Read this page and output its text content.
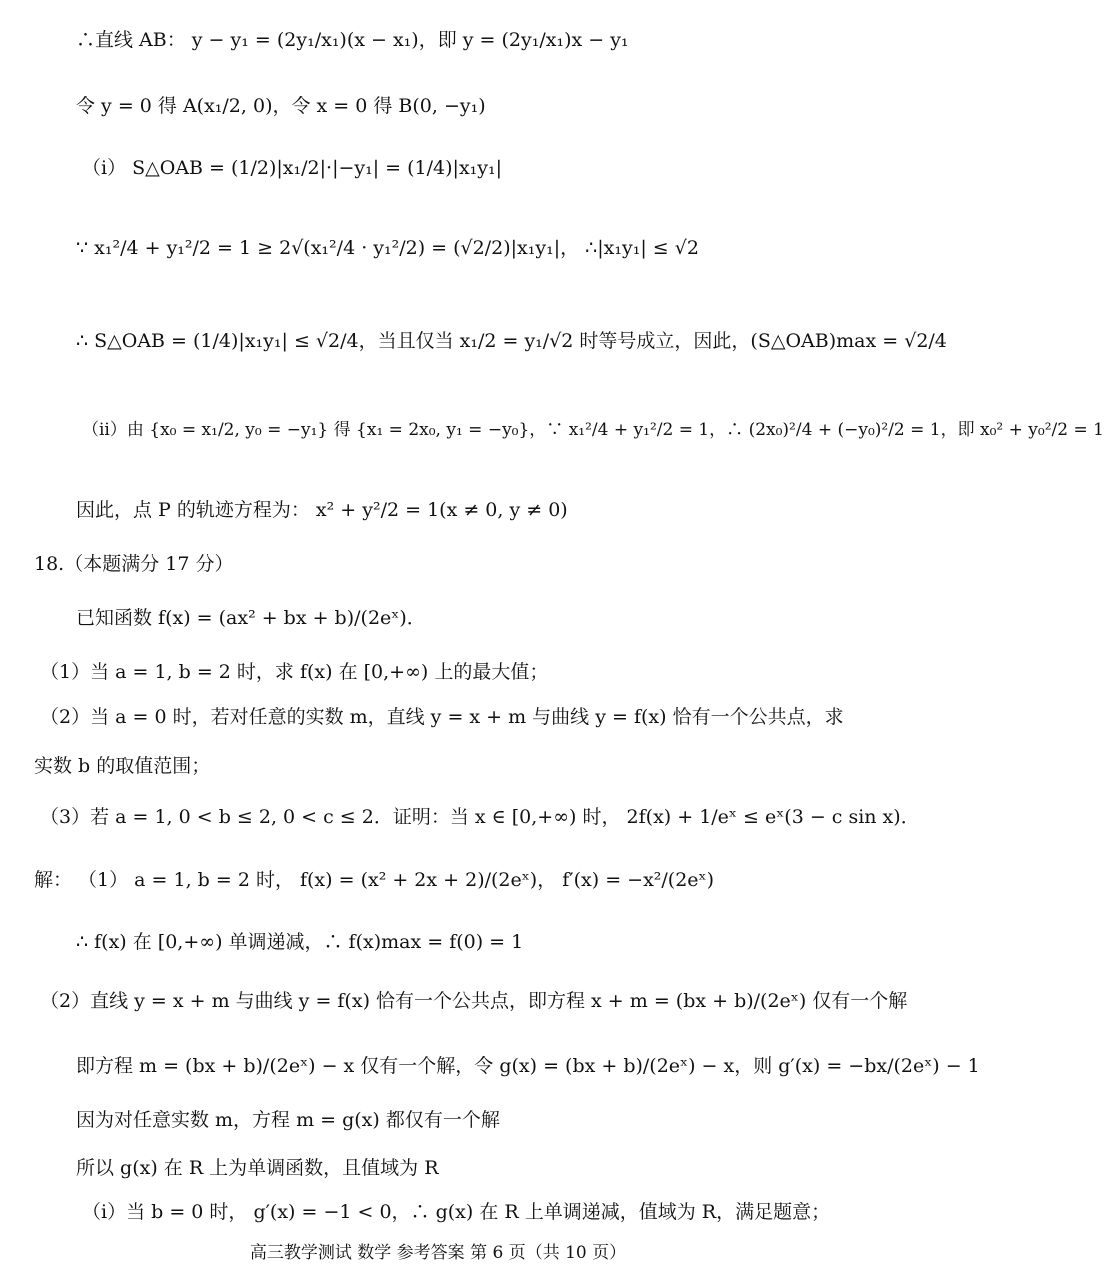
∴直线 AB： y − y₁ = (2y₁/x₁)(x − x₁)，即 y = (2y₁/x₁)x − y₁
令 y = 0 得 A(x₁/2, 0)，令 x = 0 得 B(0, −y₁)
（i） S△OAB = (1/2)|x₁/2|·|−y₁| = (1/4)|x₁y₁|
∵ x₁²/4 + y₁²/2 = 1 ≥ 2√(x₁²/4 · y₁²/2) = (√2/2)|x₁y₁|， ∴|x₁y₁| ≤ √2
∴ S△OAB = (1/4)|x₁y₁| ≤ √2/4，当且仅当 x₁/2 = y₁/√2 时等号成立，因此，(S△OAB)max = √2/4
（ii）由 {x₀ = x₁/2, y₀ = −y₁} 得 {x₁ = 2x₀, y₁ = −y₀}，∵ x₁²/4 + y₁²/2 = 1，∴ (2x₀)²/4 + (−y₀)²/2 = 1，即 x₀² + y₀²/2 = 1
因此，点 P 的轨迹方程为： x² + y²/2 = 1(x ≠ 0, y ≠ 0)
18.（本题满分 17 分）
已知函数 f(x) = (ax² + bx + b)/(2eˣ)．
（1）当 a = 1, b = 2 时，求 f(x) 在 [0,+∞) 上的最大值；
（2）当 a = 0 时，若对任意的实数 m，直线 y = x + m 与曲线 y = f(x) 恰有一个公共点，求
实数 b 的取值范围；
（3）若 a = 1, 0 < b ≤ 2, 0 < c ≤ 2．证明：当 x ∈ [0,+∞) 时， 2f(x) + 1/eˣ ≤ eˣ(3 − c sin x)．
解： （1） a = 1, b = 2 时， f(x) = (x² + 2x + 2)/(2eˣ)， f′(x) = −x²/(2eˣ)
∴ f(x) 在 [0,+∞) 单调递减，∴ f(x)max = f(0) = 1
（2）直线 y = x + m 与曲线 y = f(x) 恰有一个公共点，即方程 x + m = (bx + b)/(2eˣ) 仅有一个解
即方程 m = (bx + b)/(2eˣ) − x 仅有一个解，令 g(x) = (bx + b)/(2eˣ) − x，则 g′(x) = −bx/(2eˣ) − 1
因为对任意实数 m，方程 m = g(x) 都仅有一个解
所以 g(x) 在 R 上为单调函数，且值域为 R
（i）当 b = 0 时， g′(x) = −1 < 0，∴ g(x) 在 R 上单调递减，值域为 R，满足题意；
高三教学测试 数学 参考答案 第 6 页（共 10 页）
